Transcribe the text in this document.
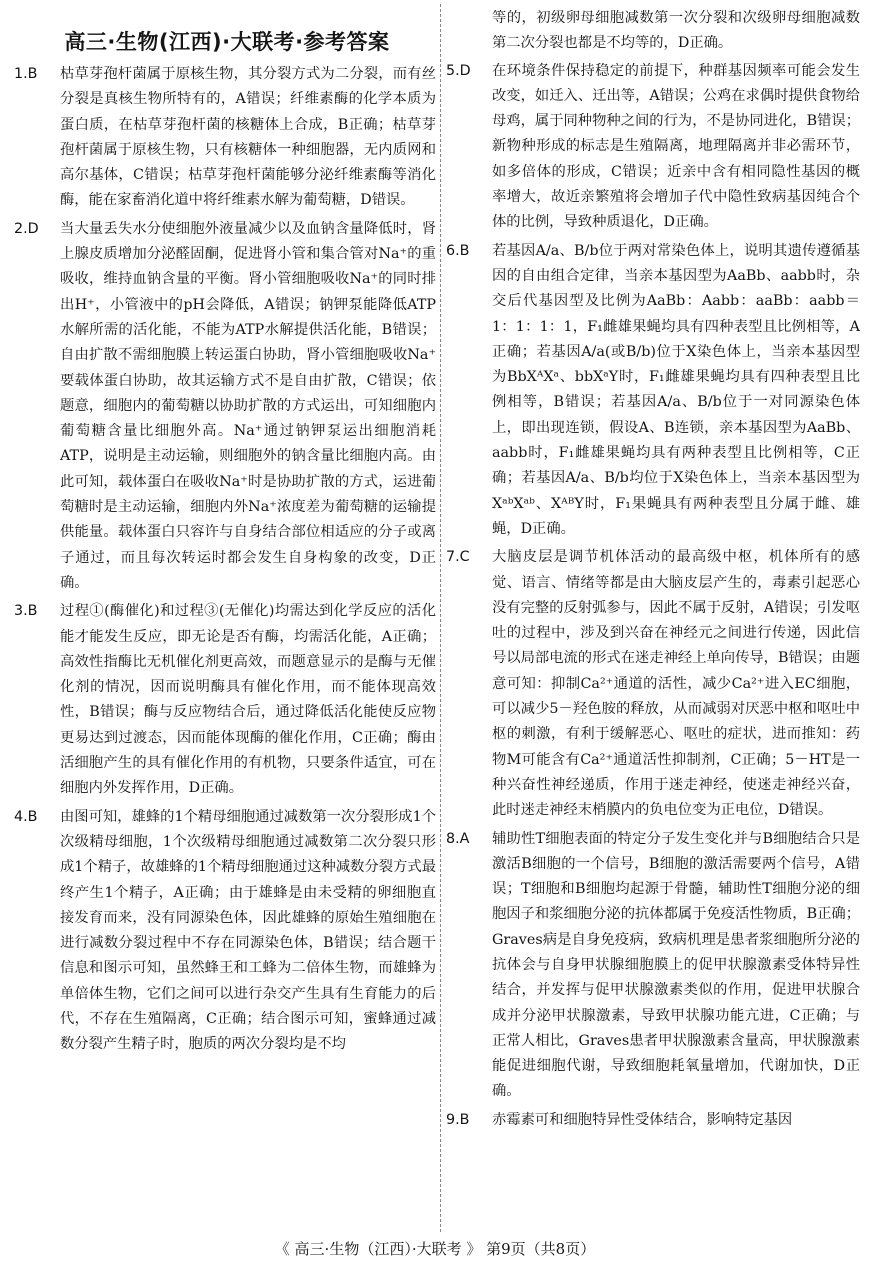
高三·生物(江西)·大联考·参考答案
1.B	枯草芽孢杆菌属于原核生物，其分裂方式为二分裂，而有丝分裂是真核生物所特有的，A错误；纤维素酶的化学本质为蛋白质，在枯草芽孢杆菌的核糖体上合成，B正确；枯草芽孢杆菌属于原核生物，只有核糖体一种细胞器，无内质网和高尔基体，C错误；枯草芽孢杆菌能够分泌纤维素酶等消化酶，能在家畜消化道中将纤维素水解为葡萄糖，D错误。
2.D	当大量丢失水分使细胞外液量减少以及血钠含量降低时，肾上腺皮质增加分泌醛固酮，促进肾小管和集合管对Na⁺的重吸收，维持血钠含量的平衡。肾小管细胞吸收Na⁺的同时排出H⁺，小管液中的pH会降低，A错误；钠钾泵能降低ATP水解所需的活化能，不能为ATP水解提供活化能，B错误；自由扩散不需细胞膜上转运蛋白协助，肾小管细胞吸收Na⁺要载体蛋白协助，故其运输方式不是自由扩散，C错误；依题意，细胞内的葡萄糖以协助扩散的方式运出，可知细胞内葡萄糖含量比细胞外高。Na⁺通过钠钾泵运出细胞消耗ATP，说明是主动运输，则细胞外的钠含量比细胞内高。由此可知，载体蛋白在吸收Na⁺时是协助扩散的方式，运进葡萄糖时是主动运输，细胞内外Na⁺浓度差为葡萄糖的运输提供能量。载体蛋白只容许与自身结合部位相适应的分子或离子通过，而且每次转运时都会发生自身构象的改变，D正确。
3.B	过程①(酶催化)和过程③(无催化)均需达到化学反应的活化能才能发生反应，即无论是否有酶，均需活化能，A正确；高效性指酶比无机催化剂更高效，而题意显示的是酶与无催化剂的情况，因而说明酶具有催化作用，而不能体现高效性，B错误；酶与反应物结合后，通过降低活化能使反应物更易达到过渡态，因而能体现酶的催化作用，C正确；酶由活细胞产生的具有催化作用的有机物，只要条件适宜，可在细胞内外发挥作用，D正确。
4.B	由图可知，雄蜂的1个精母细胞通过减数第一次分裂形成1个次级精母细胞，1个次级精母细胞通过减数第二次分裂只形成1个精子，故雄蜂的1个精母细胞通过这种减数分裂方式最终产生1个精子，A正确；由于雄蜂是由未受精的卵细胞直接发育而来，没有同源染色体，因此雄蜂的原始生殖细胞在进行减数分裂过程中不存在同源染色体，B错误；结合题干信息和图示可知，虽然蜂王和工蜂为二倍体生物，而雄蜂为单倍体生物，它们之间可以进行杂交产生具有生育能力的后代，不存在生殖隔离，C正确；结合图示可知，蜜蜂通过减数分裂产生精子时，胞质的两次分裂均是不均

等的，初级卵母细胞减数第一次分裂和次级卵母细胞减数第二次分裂也都是不均等的，D正确。

5.D	在环境条件保持稳定的前提下，种群基因频率可能会发生改变，如迁入、迁出等，A错误；公鸡在求偶时提供食物给母鸡，属于同种物种之间的行为，不是协同进化，B错误；新物种形成的标志是生殖隔离，地理隔离并非必需环节，如多倍体的形成，C错误；近亲中含有相同隐性基因的概率增大，故近亲繁殖将会增加子代中隐性致病基因纯合个体的比例，导致种质退化，D正确。
6.B	若基因A/a、B/b位于两对常染色体上，说明其遗传遵循基因的自由组合定律，当亲本基因型为AaBb、aabb时，杂交后代基因型及比例为AaBb：Aabb：aaBb：aabb＝1：1：1：1，F₁雌雄果蝇均具有四种表型且比例相等，A正确；若基因A/a(或B/b)位于X染色体上，当亲本基因型为BbXᴬXᵃ、bbXᵃY时，F₁雌雄果蝇均具有四种表型且比例相等，B错误；若基因A/a、B/b位于一对同源染色体上，即出现连锁，假设A、B连锁，亲本基因型为AaBb、aabb时，F₁雌雄果蝇均具有两种表型且比例相等，C正确；若基因A/a、B/b均位于X染色体上，当亲本基因型为XᵃᵇXᵃᵇ、XᴬᴮY时，F₁果蝇具有两种表型且分属于雌、雄蝇，D正确。
7.C	大脑皮层是调节机体活动的最高级中枢，机体所有的感觉、语言、情绪等都是由大脑皮层产生的，毒素引起恶心没有完整的反射弧参与，因此不属于反射，A错误；引发呕吐的过程中，涉及到兴奋在神经元之间进行传递，因此信号以局部电流的形式在迷走神经上单向传导，B错误；由题意可知：抑制Ca²⁺通道的活性，减少Ca²⁺进入EC细胞，可以减少5－羟色胺的释放，从而减弱对厌恶中枢和呕吐中枢的刺激，有利于缓解恶心、呕吐的症状，进而推知：药物M可能含有Ca²⁺通道活性抑制剂，C正确；5－HT是一种兴奋性神经递质，作用于迷走神经，使迷走神经兴奋，此时迷走神经末梢膜内的负电位变为正电位，D错误。
8.A	辅助性T细胞表面的特定分子发生变化并与B细胞结合只是激活B细胞的一个信号，B细胞的激活需要两个信号，A错误；T细胞和B细胞均起源于骨髓，辅助性T细胞分泌的细胞因子和浆细胞分泌的抗体都属于免疫活性物质，B正确；Graves病是自身免疫病，致病机理是患者浆细胞所分泌的抗体会与自身甲状腺细胞膜上的促甲状腺激素受体特异性结合，并发挥与促甲状腺激素类似的作用，促进甲状腺合成并分泌甲状腺激素，导致甲状腺功能亢进，C正确；与正常人相比，Graves患者甲状腺激素含量高，甲状腺激素能促进细胞代谢，导致细胞耗氧量增加，代谢加快，D正确。
9.B	赤霉素可和细胞特异性受体结合，影响特定基因
《 高三·生物（江西）·大联考 》 第9页（共8页）
